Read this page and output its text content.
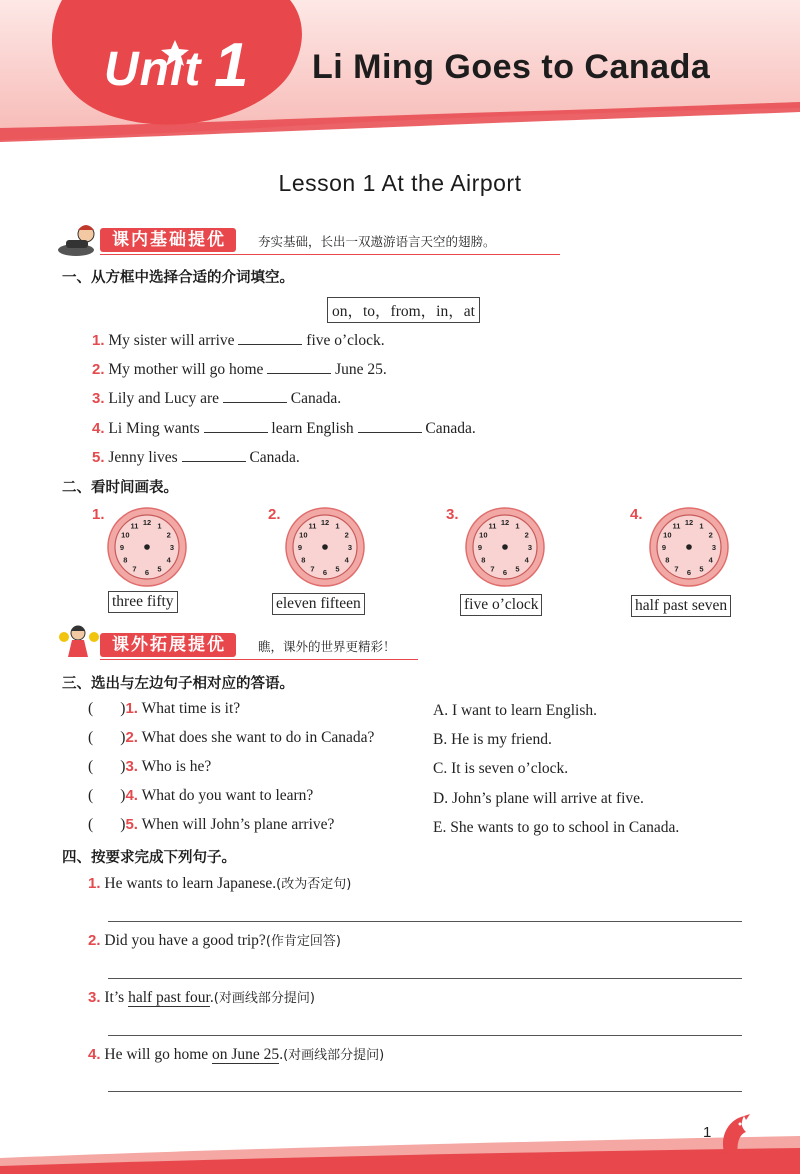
Unit 1 Li Ming Goes to Canada
Lesson 1 At the Airport
课内基础提优	夯实基础，长出一双遨游语言天空的翅膀。
一、从方框中选择合适的介词填空。
on，to，from，in，at
1. My sister will arrive	five o’clock.
2. My mother will go home	June 25.
3. Lily and Lucy are	Canada.
4. Li Ming wants	learn English	Canada.
5. Jenny lives	Canada.
二、看时间画表。
1.	2.	3.	4.
12 1
2
3
4
5
6
7
8
9
10
11	12 1
2
3
4
5
6
7
8
9
10
11	12 1
2
3
4
5
6
7
8
9
10
11	12 1
2
3
4
5
6
7
8
9
10
11
three fifty	eleven fifteen	five o’clock	half past seven
课外拓展提优	瞧，课外的世界更精彩！
三、选出与左边句子相对应的答语。
(       )1. What time is it?
(       )2. What does she want to do in Canada?
(       )3. Who is he?
(       )4. What do you want to learn?
(       )5. When will John’s plane arrive?
A. I want to learn English.
B. He is my friend.
C. It is seven o’clock.
D. John’s plane will arrive at five.
E. She wants to go to school in Canada.
四、按要求完成下列句子。
1. He wants to learn Japanese.(改为否定句)
2. Did you have a good trip?(作肯定回答)
3. It’s half past four.(对画线部分提问)
4. He will go home on June 25.(对画线部分提问)
1
